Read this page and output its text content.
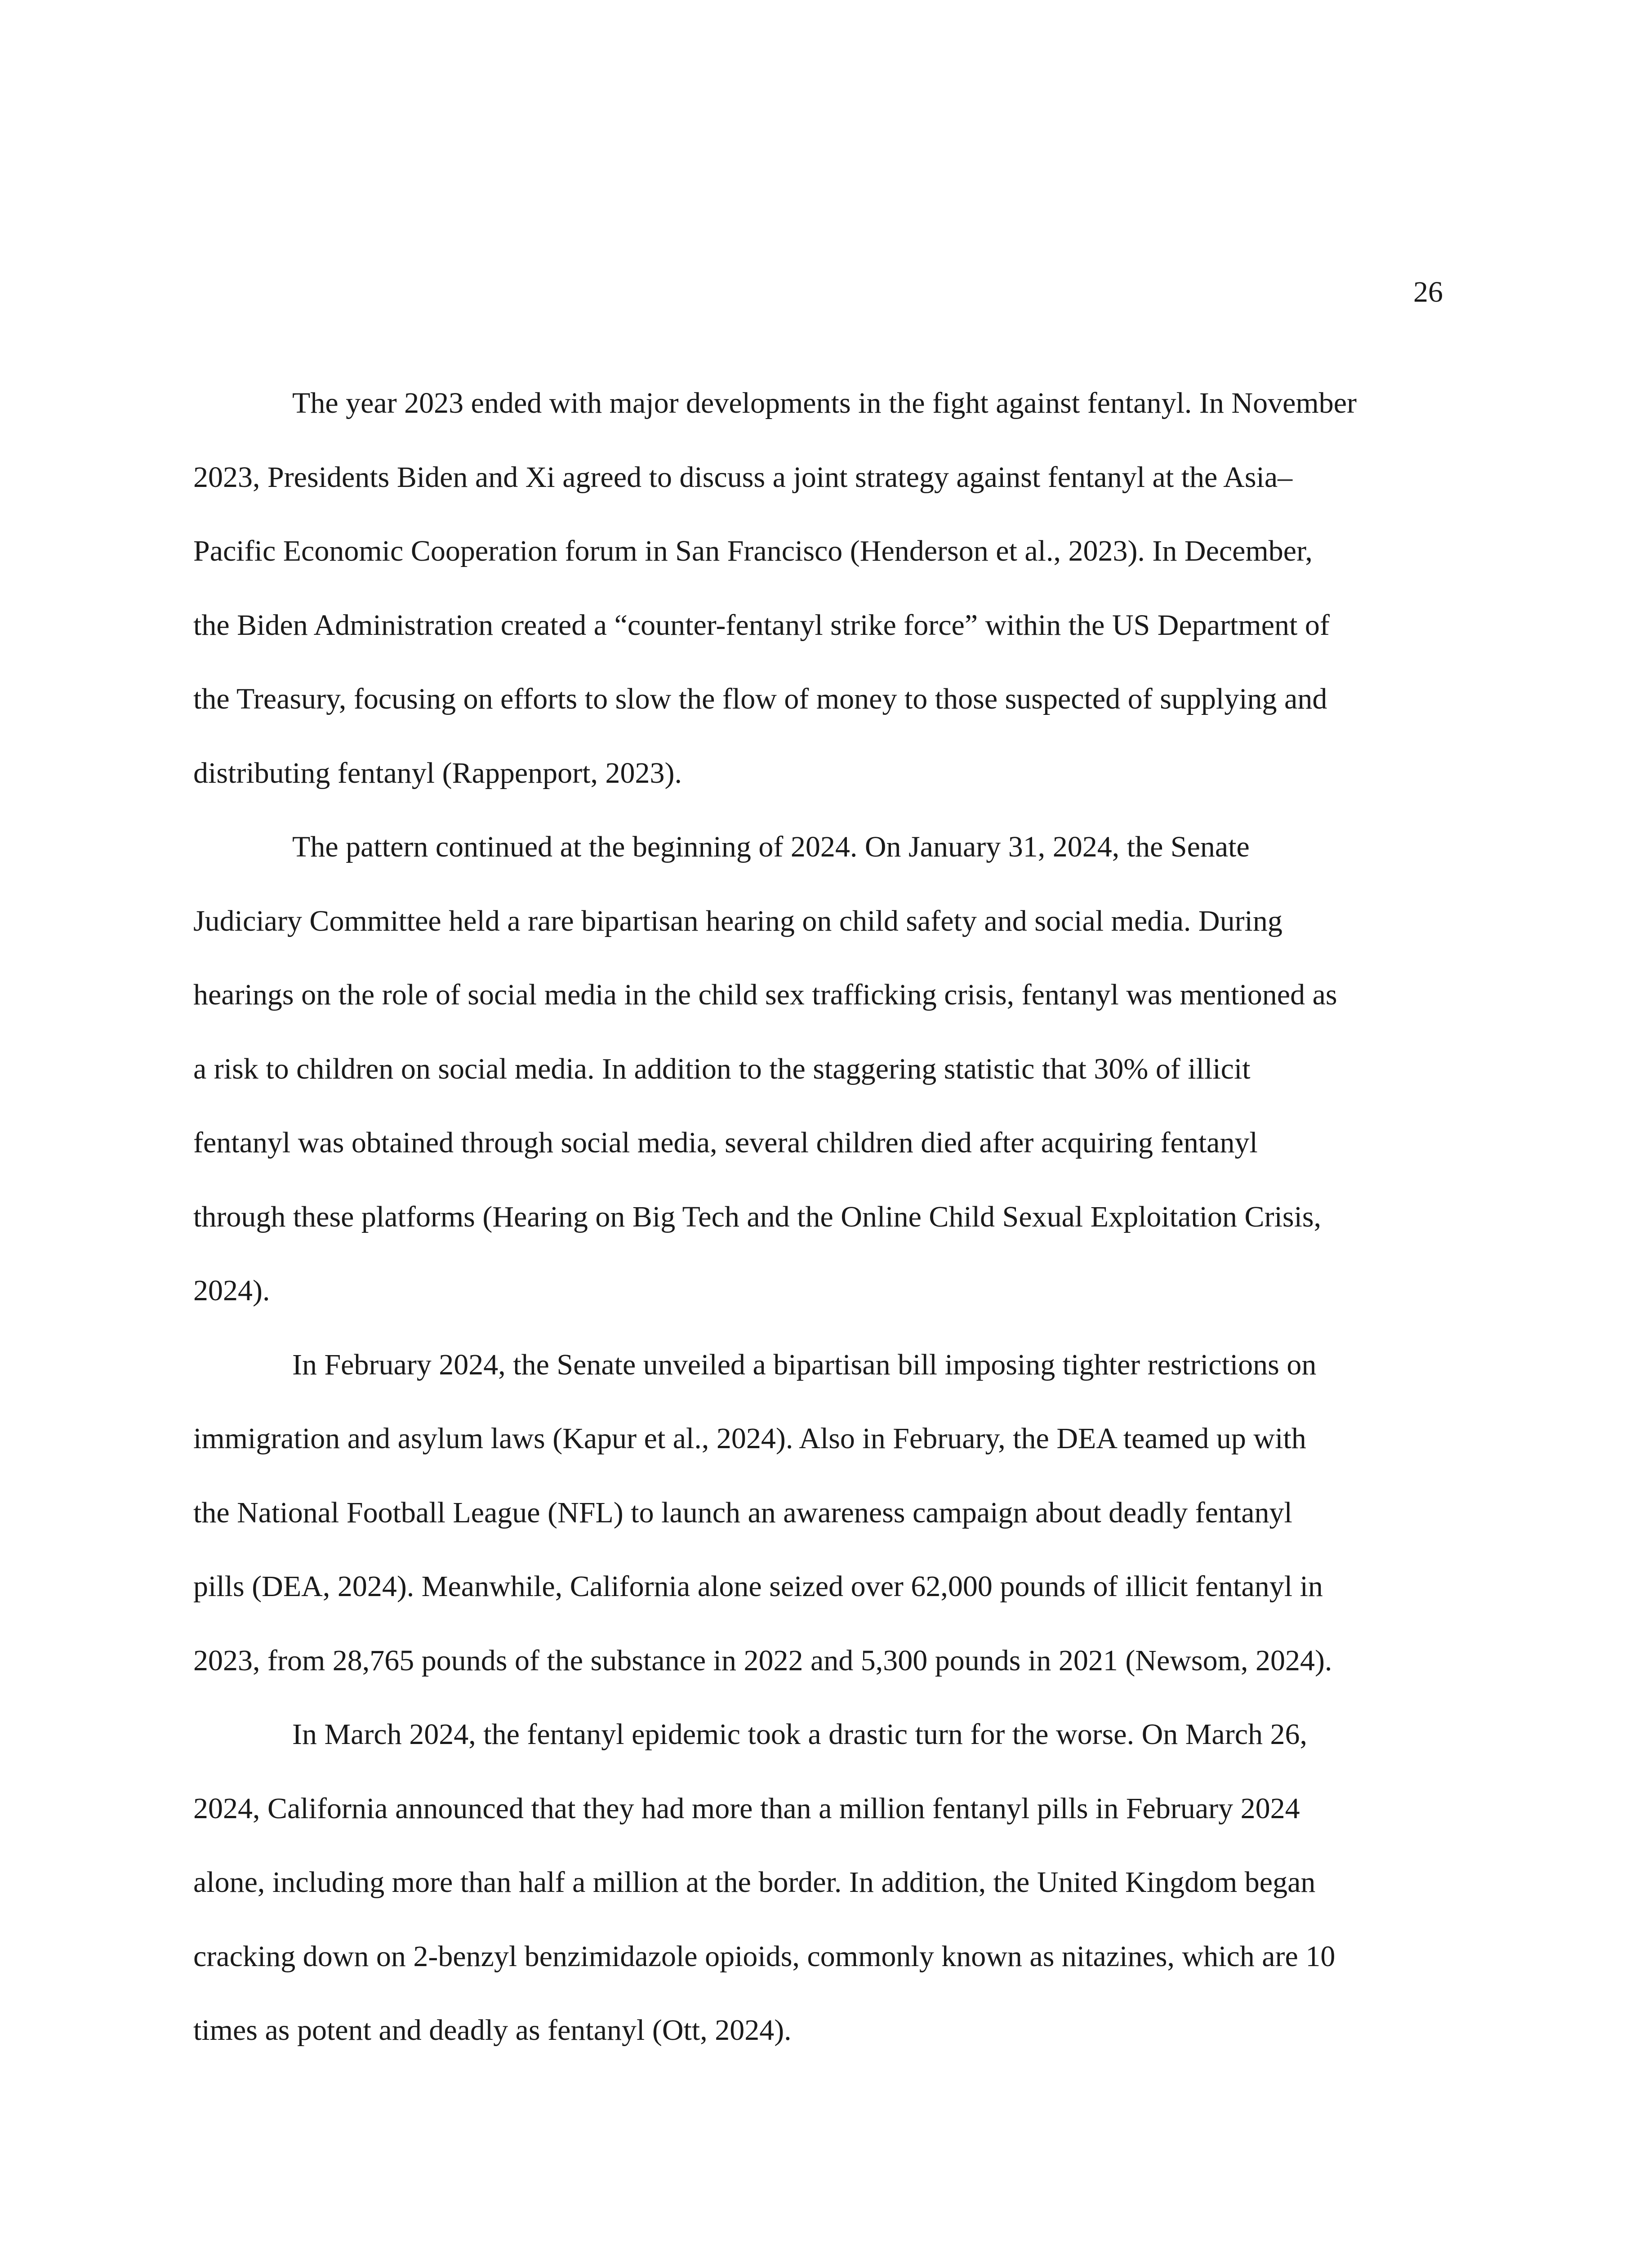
26

The year 2023 ended with major developments in the fight against fentanyl. In November
2023, Presidents Biden and Xi agreed to discuss a joint strategy against fentanyl at the Asia–
Pacific Economic Cooperation forum in San Francisco (Henderson et al., 2023). In December,
the Biden Administration created a “counter-fentanyl strike force” within the US Department of
the Treasury, focusing on efforts to slow the flow of money to those suspected of supplying and
distributing fentanyl (Rappenport, 2023).

The pattern continued at the beginning of 2024. On January 31, 2024, the Senate
Judiciary Committee held a rare bipartisan hearing on child safety and social media. During
hearings on the role of social media in the child sex trafficking crisis, fentanyl was mentioned as
a risk to children on social media. In addition to the staggering statistic that 30% of illicit
fentanyl was obtained through social media, several children died after acquiring fentanyl
through these platforms (Hearing on Big Tech and the Online Child Sexual Exploitation Crisis,
2024).

In February 2024, the Senate unveiled a bipartisan bill imposing tighter restrictions on
immigration and asylum laws (Kapur et al., 2024). Also in February, the DEA teamed up with
the National Football League (NFL) to launch an awareness campaign about deadly fentanyl
pills (DEA, 2024). Meanwhile, California alone seized over 62,000 pounds of illicit fentanyl in
2023, from 28,765 pounds of the substance in 2022 and 5,300 pounds in 2021 (Newsom, 2024).

In March 2024, the fentanyl epidemic took a drastic turn for the worse. On March 26,
2024, California announced that they had more than a million fentanyl pills in February 2024
alone, including more than half a million at the border. In addition, the United Kingdom began
cracking down on 2-benzyl benzimidazole opioids, commonly known as nitazines, which are 10
times as potent and deadly as fentanyl (Ott, 2024).
